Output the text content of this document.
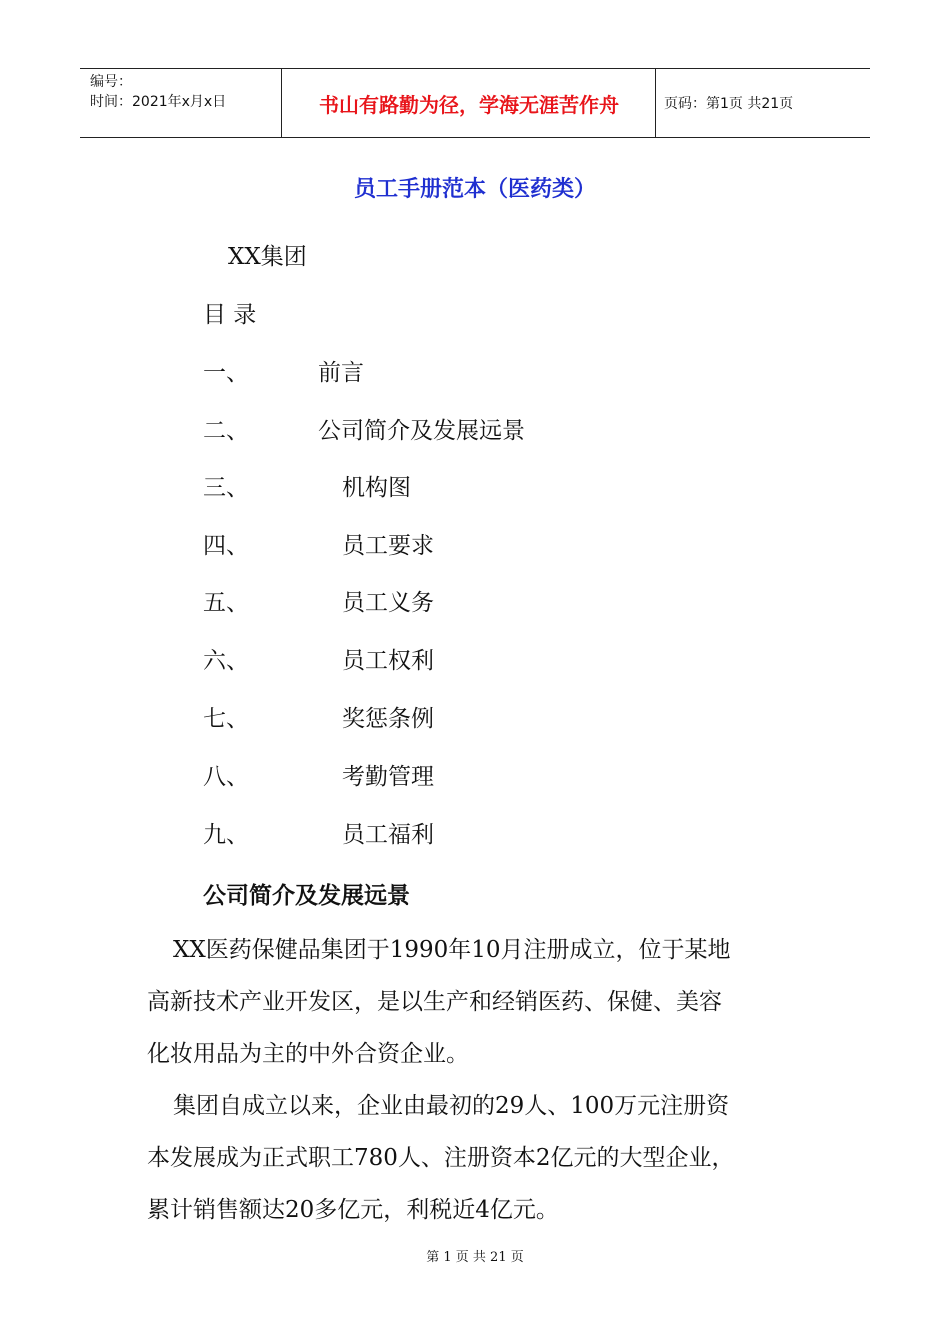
编号：
时间：2021年x月x日	书山有路勤为径，学海无涯苦作舟	页码：第1页 共21页
员工手册范本（医药类）
XX集团
目 录
一、	前言
二、	公司简介及发展远景
三、	机构图
四、	员工要求
五、	员工义务
六、	员工权利
七、	奖惩条例
八、	考勤管理
九、	员工福利
公司简介及发展远景
XX医药保健品集团于1990年10月注册成立，位于某地
高新技术产业开发区，是以生产和经销医药、保健、美容
化妆用品为主的中外合资企业。
集团自成立以来，企业由最初的29人、100万元注册资
本发展成为正式职工780人、注册资本2亿元的大型企业，
累计销售额达20多亿元，利税近4亿元。
第 1 页 共 21 页
